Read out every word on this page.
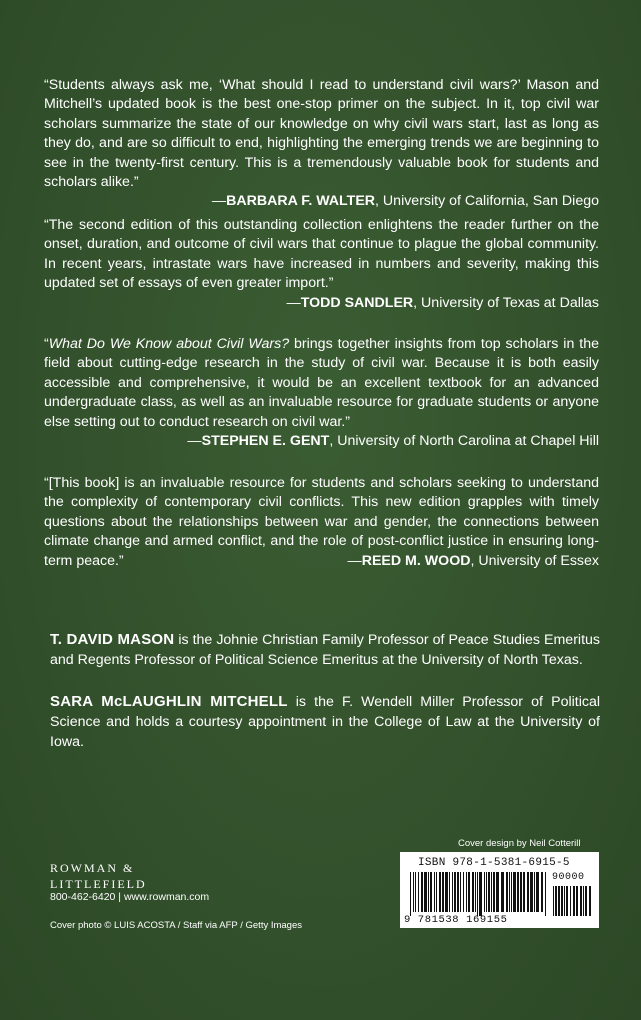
“Students always ask me, ‘What should I read to understand civil wars?’ Mason and Mitchell’s updated book is the best one-stop primer on the subject. In it, top civil war scholars summarize the state of our knowledge on why civil wars start, last as long as they do, and are so difficult to end, highlighting the emerging trends we are beginning to see in the twenty-first century. This is a tremendously valuable book for students and scholars alike.”
—BARBARA F. WALTER, University of California, San Diego
“The second edition of this outstanding collection enlightens the reader further on the onset, duration, and outcome of civil wars that continue to plague the global community. In recent years, intrastate wars have increased in numbers and severity, making this updated set of essays of even greater import.”
—TODD SANDLER, University of Texas at Dallas
“What Do We Know about Civil Wars? brings together insights from top scholars in the field about cutting-edge research in the study of civil war. Because it is both easily accessible and comprehensive, it would be an excellent textbook for an advanced undergraduate class, as well as an invaluable resource for graduate students or anyone else setting out to conduct research on civil war.”
—STEPHEN E. GENT, University of North Carolina at Chapel Hill
“[This book] is an invaluable resource for students and scholars seeking to understand the complexity of contemporary civil conflicts. This new edition grapples with timely questions about the relationships between war and gender, the connections between climate change and armed conflict, and the role of post-conflict justice in ensuring long-term peace.”	—REED M. WOOD, University of Essex
T. DAVID MASON is the Johnie Christian Family Professor of Peace Studies Emeritus and Regents Professor of Political Science Emeritus at the University of North Texas.
SARA McLAUGHLIN MITCHELL is the F. Wendell Miller Professor of Political Science and holds a courtesy appointment in the College of Law at the University of Iowa.
Cover design by Neil Cotterill
ROWMAN &
LITTLEFIELD
800-462-6420 | www.rowman.com
Cover photo © LUIS ACOSTA / Staff via AFP / Getty Images
ISBN 978-1-5381-6915-5
90000
9 781538 169155
